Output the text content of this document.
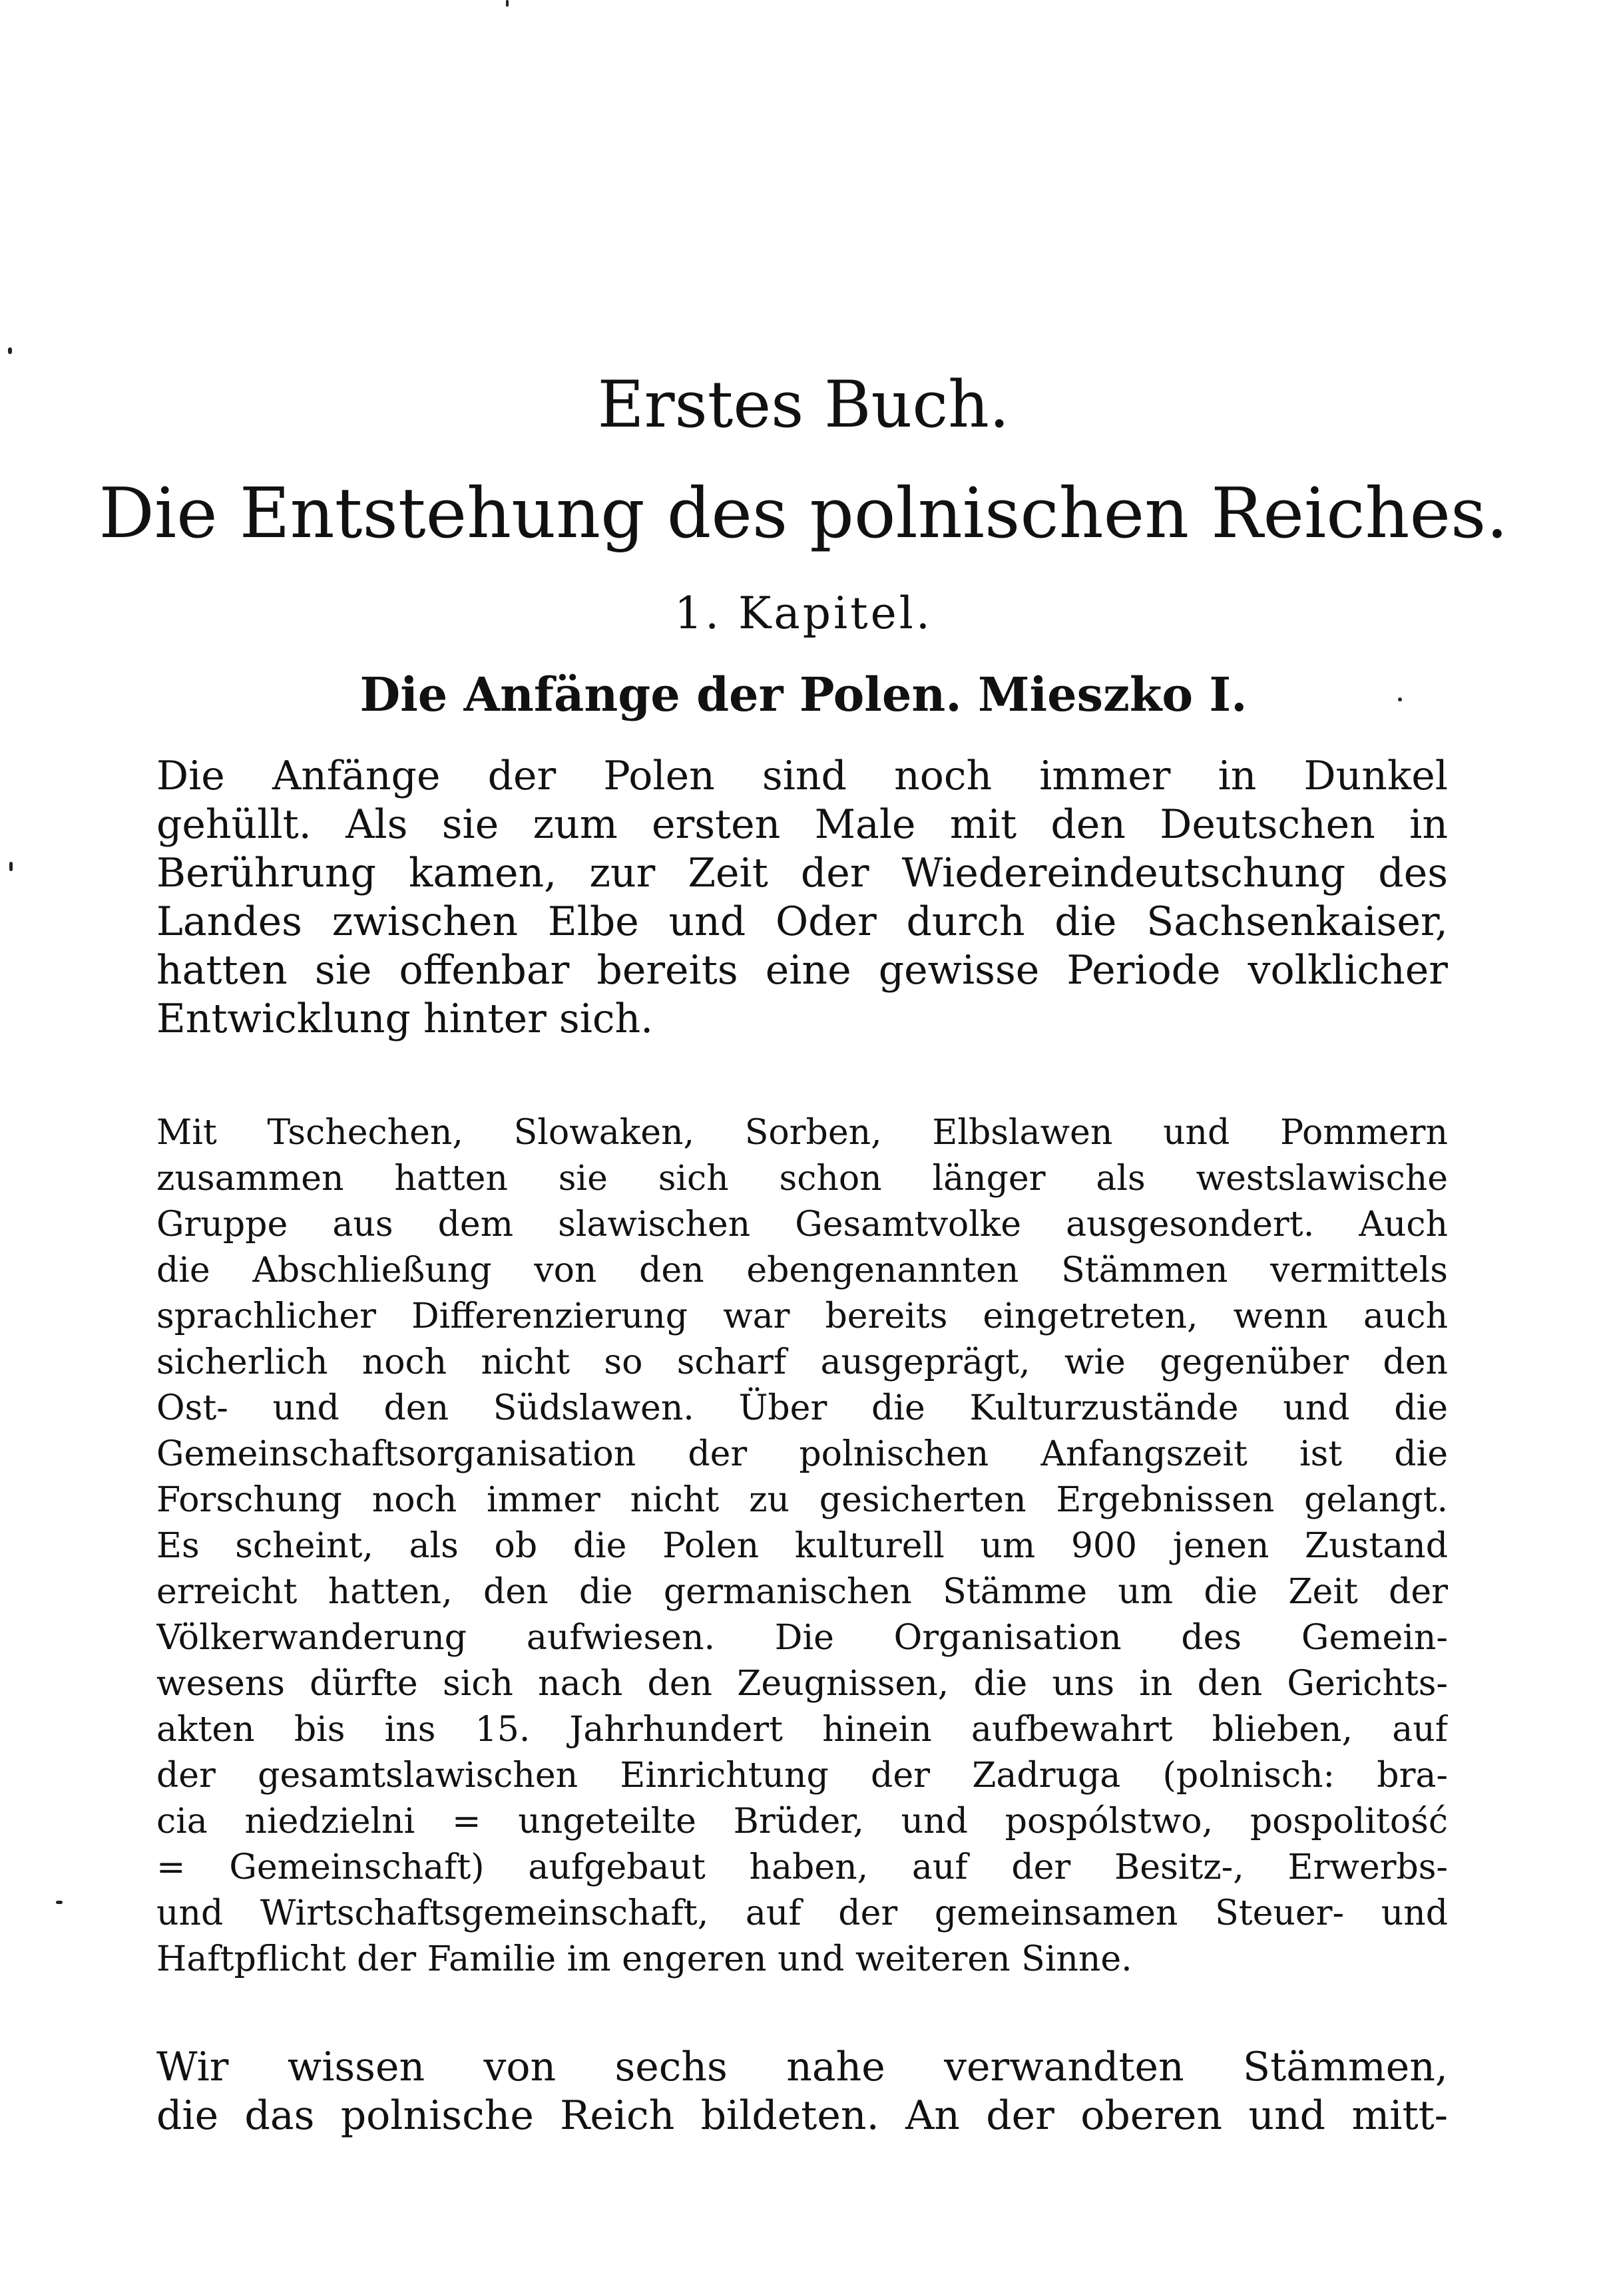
Erstes Buch.
Die Entstehung des polnischen Reiches.
1. Kapitel.
Die Anfänge der Polen. Mieszko I.
Die Anfänge der Polen sind noch immer in Dunkel
gehüllt. Als sie zum ersten Male mit den Deutschen in
Berührung kamen, zur Zeit der Wiedereindeutschung des
Landes zwischen Elbe und Oder durch die Sachsenkaiser,
hatten sie offenbar bereits eine gewisse Periode volklicher
Entwicklung hinter sich.
Mit Tschechen, Slowaken, Sorben, Elbslawen und Pommern
zusammen hatten sie sich schon länger als westslawische
Gruppe aus dem slawischen Gesamtvolke ausgesondert. Auch
die Abschließung von den ebengenannten Stämmen vermittels
sprachlicher Differenzierung war bereits eingetreten, wenn auch
sicherlich noch nicht so scharf ausgeprägt, wie gegenüber den
Ost- und den Südslawen. Über die Kulturzustände und die
Gemeinschaftsorganisation der polnischen Anfangszeit ist die
Forschung noch immer nicht zu gesicherten Ergebnissen gelangt.
Es scheint, als ob die Polen kulturell um 900 jenen Zustand
erreicht hatten, den die germanischen Stämme um die Zeit der
Völkerwanderung aufwiesen. Die Organisation des Gemein-
wesens dürfte sich nach den Zeugnissen, die uns in den Gerichts-
akten bis ins 15. Jahrhundert hinein aufbewahrt blieben, auf
der gesamtslawischen Einrichtung der Zadruga (polnisch: bra-
cia niedzielni = ungeteilte Brüder, und pospólstwo, pospolitość
= Gemeinschaft) aufgebaut haben, auf der Besitz-, Erwerbs-
und Wirtschaftsgemeinschaft, auf der gemeinsamen Steuer- und
Haftpflicht der Familie im engeren und weiteren Sinne.
Wir wissen von sechs nahe verwandten Stämmen,
die das polnische Reich bildeten. An der oberen und mitt-
